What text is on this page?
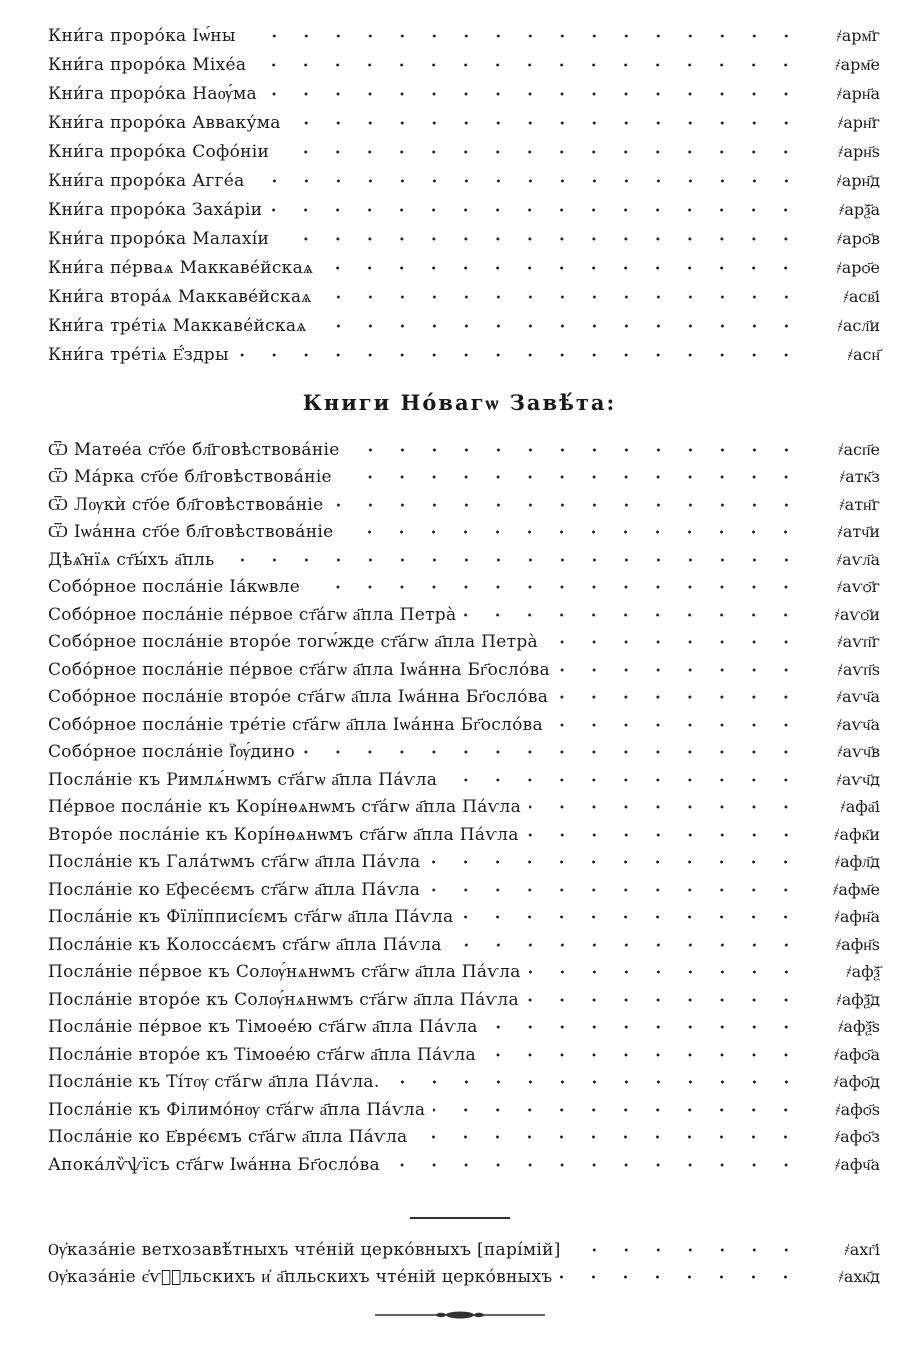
Кни́га проро́ка Іѡ́ны	҂арм҃г
Кни́га проро́ка Міхе́а	҂арм҃е
Кни́га проро́ка Наѹ́ма	҂арн҃а
Кни́га проро́ка Авваку́ма	҂арн҃г
Кни́га проро́ка Софо́ніи	҂арн҃ѕ
Кни́га проро́ка Агге́а	҂арн҃д
Кни́га проро́ка Заха́ріи	҂арѯ҃а
Кни́га проро́ка Малахі́и	҂арѻ҃в
Кни́га пе́рваѧ Маккаве́йскаѧ	҂арѻ҃е
Кни́га втора́ѧ Маккаве́йскаѧ	҂асв҃і
Кни́га тре́тіѧ Маккаве́йскаѧ	҂асл҃и
Кни́га тре́тіѧ Е҆́здры	҂асн҃
Книги Но́вагѡ Завѣ́та:
Ѿ Матѳе́а ст҃о́е бл҃говѣствова́ніе	҂асп҃е
Ѿ Ма́рка ст҃о́е бл҃говѣствова́ніе	҂атк҃з
Ѿ Лѹкѝ ст҃о́е бл҃говѣствова́ніе	҂атн҃г
Ѿ Іѡа́нна ст҃о́е бл҃говѣствова́ніе	҂атч҃и
Дѣѧ̑нїѧ ст҃ы́хъ а҃пль	҂аѵл҃а
Собо́рное посла́ніе Іа́кѡвле	҂аѵѻ҃г
Собо́рное посла́ніе пе́рвое ст҃а́гѡ а҃пла Петра̀	҂аѵѻ҃и
Собо́рное посла́ніе второ́е тогѡ́жде ст҃а́гѡ а҃пла Петра̀	҂аѵп҃г
Собо́рное посла́ніе пе́рвое ст҃а́гѡ а҃пла Іѡа́нна Бг҃осло́ва	҂аѵп҃ѕ
Собо́рное посла́ніе второ́е ст҃а́гѡ а҃пла Іѡа́нна Бг҃осло́ва	҂аѵч҃а
Собо́рное посла́ніе тре́тіе ст҃а́гѡ а҃пла Іѡа́нна Бг҃осло́ва	҂аѵч҃а
Собо́рное посла́ніе Ї҆ѹ́дино	҂аѵч҃в
Посла́ніе къ Римлѧ́нѡмъ ст҃а́гѡ а҃пла Па́ѵла	҂аѵч҃д
Пе́рвое посла́ніе къ Корі́нѳѧнѡмъ ст҃а́гѡ а҃пла Па́ѵла	҂афа҃і
Второ́е посла́ніе къ Корі́нѳѧнѡмъ ст҃а́гѡ а҃пла Па́ѵла	҂афк҃и
Посла́ніе къ Гала́тѡмъ ст҃а́гѡ а҃пла Па́ѵла	҂афл҃д
Посла́ніе ко Е҆фесе́ємъ ст҃а́гѡ а҃пла Па́ѵла	҂афм҃е
Посла́ніе къ Фїлїпписі́ємъ ст҃а́гѡ а҃пла Па́ѵла	҂афн҃а
Посла́ніе къ Колосса́ємъ ст҃а́гѡ а҃пла Па́ѵла	҂афн҃ѕ
Посла́ніе пе́рвое къ Солѹ́нѧнѡмъ ст҃а́гѡ а҃пла Па́ѵла	҂афѯ҃
Посла́ніе второ́е къ Солѹ́нѧнѡмъ ст҃а́гѡ а҃пла Па́ѵла	҂афѯ҃д
Посла́ніе пе́рвое къ Тімоѳе́ю ст҃а́гѡ а҃пла Па́ѵла	҂афѯ҃ѕ
Посла́ніе второ́е къ Тімоѳе́ю ст҃а́гѡ а҃пла Па́ѵла	҂афѻ҃а
Посла́ніе къ Ті́тѹ ст҃а́гѡ а҃пла Па́ѵла.	҂афѻ҃д
Посла́ніе къ Філимо́нѹ ст҃а́гѡ а҃пла Па́ѵла	҂афѻ҃ѕ
Посла́ніе ко Е҆вре́ємъ ст҃а́гѡ а҃пла Па́ѵла	҂афѻ҃з
Апока́лѷѱїсъ ст҃а́гѡ Іѡа́нна Бг҃осло́ва	҂афч҃а
Ѹ҆каза́ніе ветхозавѣ́тныхъ чте́ній церко́вныхъ [парі́мій]	҂ахг҃і
Ѹ҆каза́ніе є҆ѵⷢ҇льскихъ и҆ а҃пльскихъ чте́ній церко́вныхъ	҂ахк҃д
